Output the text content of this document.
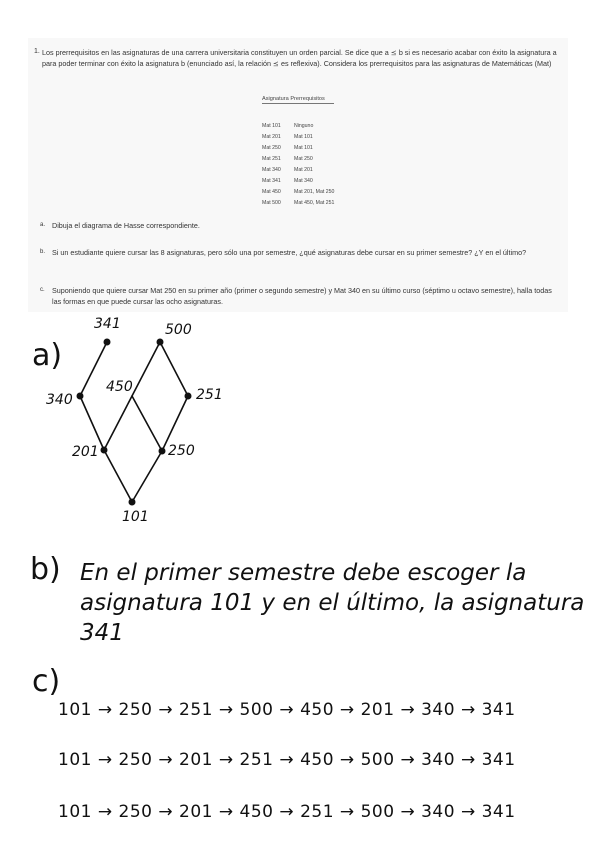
1. Los prerrequisitos en las asignaturas de una carrera universitaria constituyen un orden parcial. Se dice que a ⪯ b si es necesario acabar con éxito la asignatura a para poder terminar con éxito la asignatura b (enunciado así, la relación ⪯ es reflexiva). Considera los prerrequisitos para las asignaturas de Matemáticas (Mat)

Asignatura Prerrequisitos
Mat 101	Ninguno
Mat 201	Mat 101
Mat 250	Mat 101
Mat 251	Mat 250
Mat 340	Mat 201
Mat 341	Mat 340
Mat 450	Mat 201, Mat 250
Mat 500	Mat 450, Mat 251
a. Dibuja el diagrama de Hasse correspondiente.

b. Si un estudiante quiere cursar las 8 asignaturas, pero sólo una por semestre, ¿qué asignaturas debe cursar en su primer semestre? ¿Y en el último?

c. Suponiendo que quiere cursar Mat 250 en su primer año (primer o segundo semestre) y Mat 340 en su último curso (séptimo u octavo semestre), halla todas las formas en que puede cursar las ocho asignaturas.

a)
341	500
340
450	251
201	250
101
b) En el primer semestre debe escoger la
asignatura 101 y en el último, la asignatura
341
c)
101 → 250 → 251 → 500 → 450 → 201 → 340 → 341
101 → 250 → 201 → 251 → 450 → 500 → 340 → 341
101 → 250 → 201 → 450 → 251 → 500 → 340 → 341
